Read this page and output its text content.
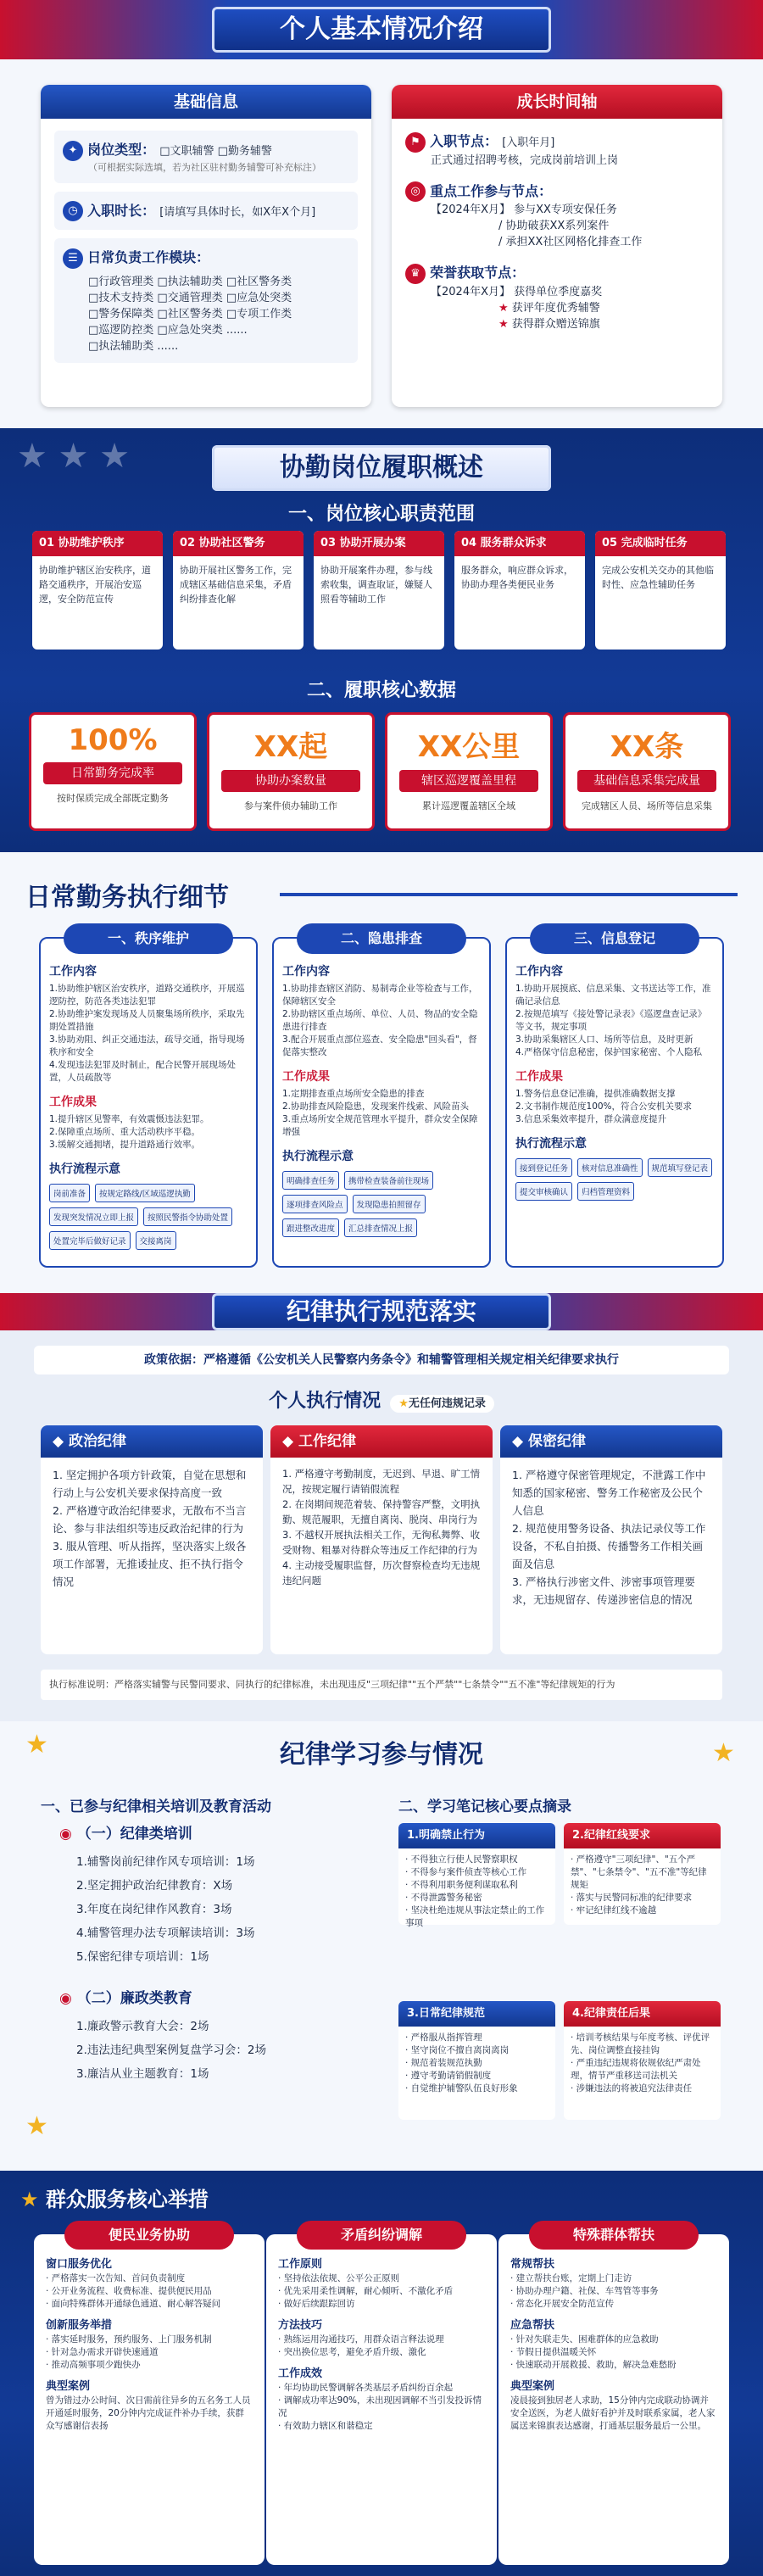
个人基本情况介绍
基础信息
✦ 岗位类型： □文职辅警 □勤务辅警
（可根据实际选填，若为社区驻村勤务辅警可补充标注）
◷ 入职时长： [请填写具体时长，如X年X个月]
☰ 日常负责工作模块：
□行政管理类 □执法辅助类 □社区警务类
□技术支持类 □交通管理类 □应急处突类
□警务保障类 □社区警务类 □专项工作类
□巡逻防控类 □应急处突类 ......
□执法辅助类 ......
成长时间轴
⚑ 入职节点： [入职年月]
正式通过招聘考核，完成岗前培训上岗
◎ 重点工作参与节点：
【2024年X月】 参与XX专项安保任务
/ 协助破获XX系列案件
/ 承担XX社区网格化排查工作
♛ 荣誉获取节点：
【2024年X月】 获得单位季度嘉奖
★ 获评年度优秀辅警
★ 获得群众赠送锦旗
★ ★ ★	协勤岗位履职概述
一、岗位核心职责范围
01 协助维护秩序
协助维护辖区治安秩序，道路交通秩序，开展治安巡逻，安全防范宣传
02 协助社区警务
协助开展社区警务工作，完成辖区基础信息采集，矛盾纠纷排查化解
03 协助开展办案
协助开展案件办理，参与线索收集，调查取证，嫌疑人照看等辅助工作
04 服务群众诉求
服务群众，响应群众诉求，协助办理各类便民业务
05 完成临时任务
完成公安机关交办的其他临时性、应急性辅助任务
二、履职核心数据
100%
日常勤务完成率
按时保质完成全部既定勤务
XX起
协助办案数量
参与案件侦办辅助工作
XX公里
辖区巡逻覆盖里程
累计巡逻覆盖辖区全域
XX条
基础信息采集完成量
完成辖区人员、场所等信息采集
日常勤务执行细节
一、秩序维护
工作内容
1.协助维护辖区治安秩序，道路交通秩序，开展巡逻防控，防范各类违法犯罪
2.协助维护案发现场及人员聚集场所秩序，采取先期处置措施
3.协助劝阻、纠正交通违法，疏导交通，指导现场秩序和安全
4.发现违法犯罪及时制止，配合民警开展现场处置，人员疏散等
工作成果
1.提升辖区见警率，有效震慑违法犯罪。
2.保障重点场所、重大活动秩序平稳。
3.缓解交通拥堵，提升道路通行效率。
执行流程示意
岗前准备	按规定路线/区域巡逻执勤
发现突发情况立即上报	按照民警指令协助处置
处置完毕后做好记录	交接离岗
二、隐患排查
工作内容
1.协助排查辖区消防、易制毒企业等检查与工作，保障辖区安全
2.协助辖区重点场所、单位、人员、物品的安全隐患进行排查
3.配合开展重点部位巡查、安全隐患"回头看"，督促落实整改
工作成果
1.定期排查重点场所安全隐患的排查
2.协助排查风险隐患，发现案件线索、风险苗头
3.重点场所安全规范管理水平提升，群众安全保障增强
执行流程示意
明确排查任务	携带检查装备前往现场
逐项排查风险点	发现隐患拍照留存
跟进整改进度	汇总排查情况上报
三、信息登记
工作内容
1.协助开展摸底、信息采集、文书送达等工作，准确记录信息
2.按规范填写《接处警记录表》《巡逻盘查记录》等文书，规定事项
3.协助采集辖区人口、场所等信息，及时更新
4.严格保守信息秘密，保护国家秘密、个人隐私
工作成果
1.警务信息登记准确，提供准确数据支撑
2.文书制作规范度100%，符合公安机关要求
3.信息采集效率提升，群众满意度提升
执行流程示意
接到登记任务	核对信息准确性	规范填写登记表
提交审核确认	归档管理资料
纪律执行规范落实
政策依据：严格遵循《公安机关人民警察内务条令》和辅警管理相关规定相关纪律要求执行
个人执行情况 ★无任何违规记录
◆ 政治纪律
1. 坚定拥护各项方针政策，自觉在思想和行动上与公安机关要求保持高度一致
2. 严格遵守政治纪律要求，无散布不当言论、参与非法组织等违反政治纪律的行为
3. 服从管理、听从指挥，坚决落实上级各项工作部署，无推诿扯皮、拒不执行指令情况
◆ 工作纪律
1. 严格遵守考勤制度，无迟到、早退、旷工情况，按规定履行请销假流程
2. 在岗期间规范着装、保持警容严整，文明执勤、规范履职，无擅自离岗、脱岗、串岗行为
3. 不越权开展执法相关工作，无徇私舞弊、收受财物、粗暴对待群众等违反工作纪律的行为
4. 主动接受履职监督，历次督察检查均无违规违纪问题
◆ 保密纪律
1. 严格遵守保密管理规定，不泄露工作中知悉的国家秘密、警务工作秘密及公民个人信息
2. 规范使用警务设备、执法记录仪等工作设备，不私自拍摄、传播警务工作相关画面及信息
3. 严格执行涉密文件、涉密事项管理要求，无违规留存、传递涉密信息的情况
执行标准说明：严格落实辅警与民警同要求、同执行的纪律标准，未出现违反"三项纪律""五个严禁""七条禁令""五不准"等纪律规矩的行为
★	★
纪律学习参与情况
一、已参与纪律相关培训及教育活动
◉ （一）纪律类培训
1.辅警岗前纪律作风专项培训：1场
2.坚定拥护政治纪律教育：X场
3.年度在岗纪律作风教育：3场
4.辅警管理办法专项解读培训：3场
5.保密纪律专项培训：1场
◉ （二）廉政类教育
1.廉政警示教育大会：2场
2.违法违纪典型案例复盘学习会：2场
3.廉洁从业主题教育：1场
★
二、学习笔记核心要点摘录
1.明确禁止行为
· 不得独立行使人民警察职权
· 不得参与案件侦查等核心工作
· 不得利用职务便利谋取私利
· 不得泄露警务秘密
· 坚决杜绝违规从事法定禁止的工作事项
2.纪律红线要求
· 严格遵守"三项纪律"、"五个严禁"、"七条禁令"、"五不准"等纪律规矩
· 落实与民警同标准的纪律要求
· 牢记纪律红线不逾越
3.日常纪律规范
· 严格服从指挥管理
· 坚守岗位不擅自离岗离岗
· 规范着装规范执勤
· 遵守考勤请销假制度
· 自觉维护辅警队伍良好形象
4.纪律责任后果
· 培训考核结果与年度考核、评优评先、岗位调整直接挂钩
· 严重违纪违规将依规依纪严肃处理，情节严重移送司法机关
· 涉嫌违法的将被追究法律责任
★ 群众服务核心举措
便民业务协助
窗口服务优化
· 严格落实一次告知、首问负责制度
· 公开业务流程、收费标准、提供便民用品
· 面向特殊群体开通绿色通道、耐心解答疑问
创新服务举措
· 落实延时服务，预约服务、上门服务机制
· 针对急办需求开辟快速通道
· 推动高频事项少跑快办
典型案例

曾为错过办公时间、次日需前往异乡的五名务工人员开通延时服务，20分钟内完成证件补办手续，获群众写感谢信表扬

矛盾纠纷调解
工作原则
· 坚持依法依规、公平公正原则
· 优先采用柔性调解，耐心倾听、不激化矛盾
· 做好后续跟踪回访
方法技巧
· 熟练运用沟通技巧，用群众语言释法说理
· 突出换位思考，避免矛盾升级、激化
工作成效
· 年均协助民警调解各类基层矛盾纠纷百余起
· 调解成功率达90%，未出现因调解不当引发投诉情况
· 有效助力辖区和谐稳定
特殊群体帮扶
常规帮扶
· 建立帮扶台账，定期上门走访
· 协助办理户籍、社保、车驾管等事务
· 常态化开展安全防范宣传
应急帮扶
· 针对失联走失、困难群体的应急救助
· 节假日提供温暖关怀
· 快速联动开展救援、救助，解决急难愁盼
典型案例

凌晨接到独居老人求助，15分钟内完成联动协调并安全送医，为老人做好看护并及时联系家属，老人家属送来锦旗表达感谢，打通基层服务最后一公里。
